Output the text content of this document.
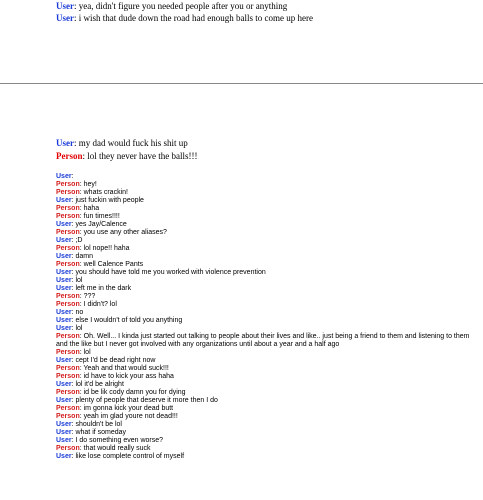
User: yea, didn't figure you needed people after you or anything
User: i wish that dude down the road had enough balls to come up here
User: my dad would fuck his shit up
Person: lol they never have the balls!!!
User:
Person: hey!
Person: whats crackin!
User: just fuckin with people
Person: haha
Person: fun times!!!!
User: yes Jay/Calence
Person: you use any other aliases?
User: ;D
Person: lol nope!! haha
User: damn
Person: well Calence Pants
User: you should have told me you worked with violence prevention
User: lol
User: left me in the dark
Person: ???
Person: I didn't? lol
User: no
User: else I wouldn't of told you anything
User: lol
Person: Oh. Well... I kinda just started out talking to people about their lives and like.. just being a friend to them and listening to them and the like but I never got involved with any organizations until about a year and a half ago
Person: lol
User: cept I'd be dead right now
Person: Yeah and that would suck!!!
Person: id have to kick your ass haha
User: lol it'd be alright
Person: id be lik cody damn you for dying
User: plenty of people that deserve it more then I do
Person: im gonna kick your dead butt
Person: yeah im glad youre not dead!!!
User: shouldn't be lol
User: what if someday
User: I do something even worse?
Person: that would really suck
User: like lose complete control of myself
